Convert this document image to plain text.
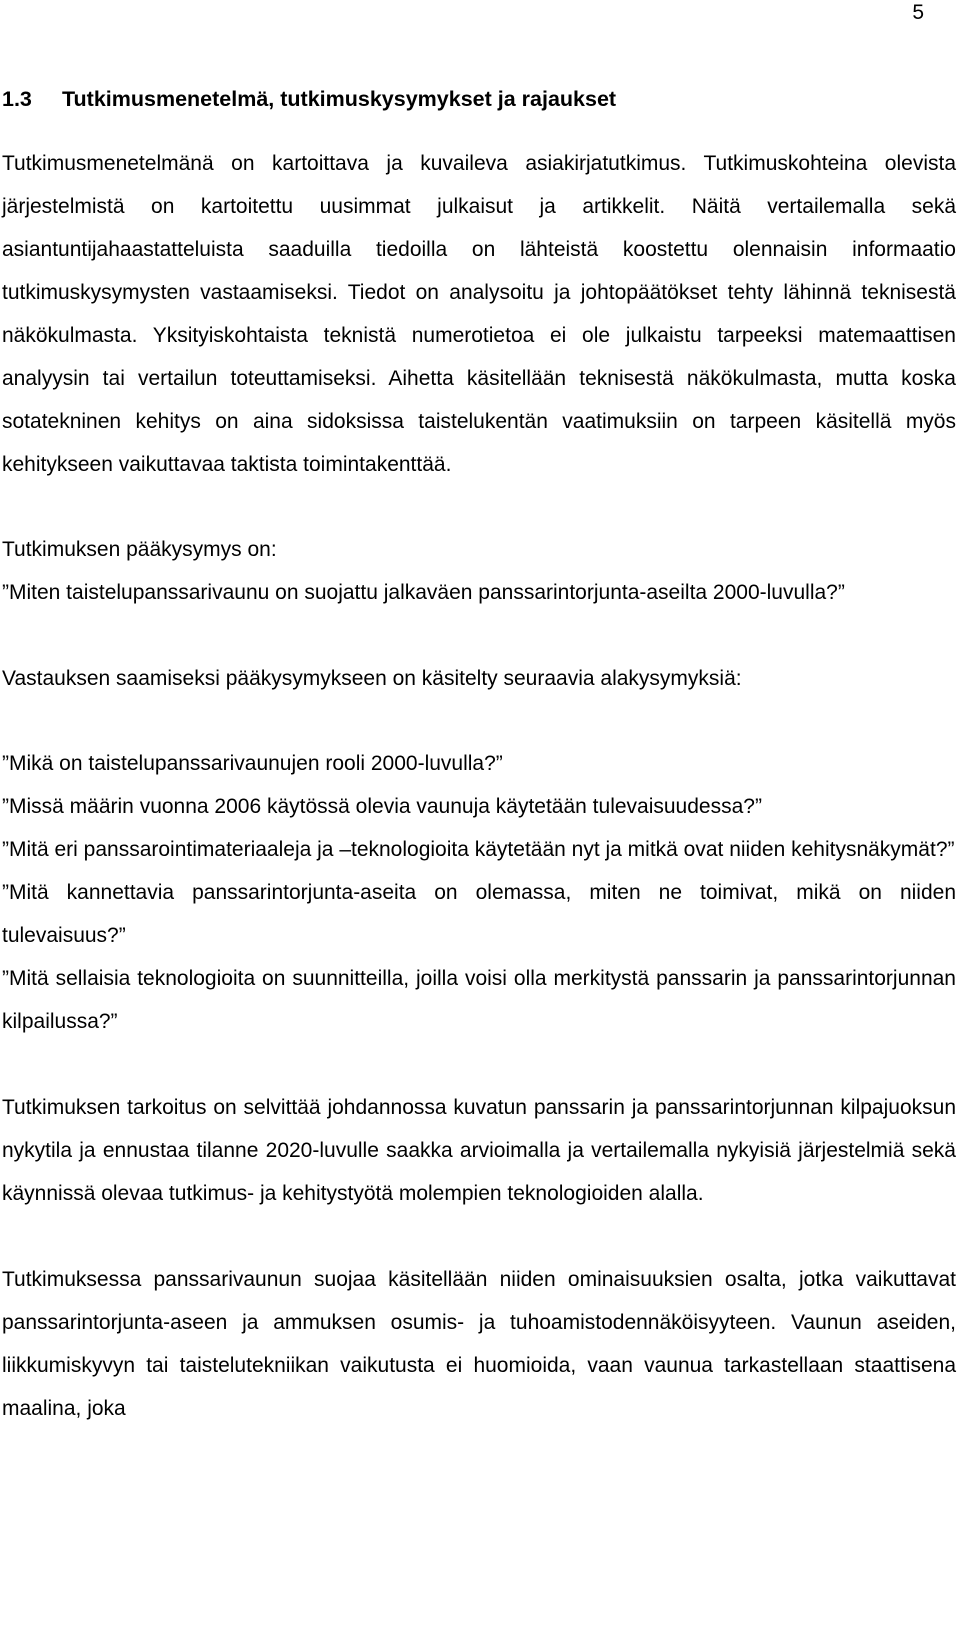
5
1.3	Tutkimusmenetelmä, tutkimuskysymykset ja rajaukset

Tutkimusmenetelmänä on kartoittava ja kuvaileva asiakirjatutkimus. Tutkimuskohteina olevista järjestelmistä on kartoitettu uusimmat julkaisut ja artikkelit. Näitä vertailemalla sekä asiantuntijahaastatteluista saaduilla tiedoilla on lähteistä koostettu olennaisin informaatio tutkimuskysymysten vastaamiseksi. Tiedot on analysoitu ja johtopäätökset tehty lähinnä teknisestä näkökulmasta. Yksityiskohtaista teknistä numerotietoa ei ole julkaistu tarpeeksi matemaattisen analyysin tai vertailun toteuttamiseksi. Aihetta käsitellään teknisestä näkökulmasta, mutta koska sotatekninen kehitys on aina sidoksissa taistelukentän vaatimuksiin on tarpeen käsitellä myös kehitykseen vaikuttavaa taktista toimintakenttää.

Tutkimuksen pääkysymys on:

”Miten taistelupanssarivaunu on suojattu jalkaväen panssarintorjunta-aseilta 2000-luvulla?”

Vastauksen saamiseksi pääkysymykseen on käsitelty seuraavia alakysymyksiä:

”Mikä on taistelupanssarivaunujen rooli 2000-luvulla?”

”Missä määrin vuonna 2006 käytössä olevia vaunuja käytetään tulevaisuudessa?”

”Mitä eri panssarointimateriaaleja ja –teknologioita käytetään nyt ja mitkä ovat niiden kehitysnäkymät?”

”Mitä kannettavia panssarintorjunta-aseita on olemassa, miten ne toimivat, mikä on niiden tulevaisuus?”

”Mitä sellaisia teknologioita on suunnitteilla, joilla voisi olla merkitystä panssarin ja panssarintorjunnan kilpailussa?”

Tutkimuksen tarkoitus on selvittää johdannossa kuvatun panssarin ja panssarintorjunnan kilpajuoksun nykytila ja ennustaa tilanne 2020-luvulle saakka arvioimalla ja vertailemalla nykyisiä järjestelmiä sekä käynnissä olevaa tutkimus- ja kehitystyötä molempien teknologioiden alalla.

Tutkimuksessa panssarivaunun suojaa käsitellään niiden ominaisuuksien osalta, jotka vaikuttavat panssarintorjunta-aseen ja ammuksen osumis- ja tuhoamistodennäköisyyteen. Vaunun aseiden, liikkumiskyvyn tai taistelutekniikan vaikutusta ei huomioida, vaan vaunua tarkastellaan staattisena maalina, joka
